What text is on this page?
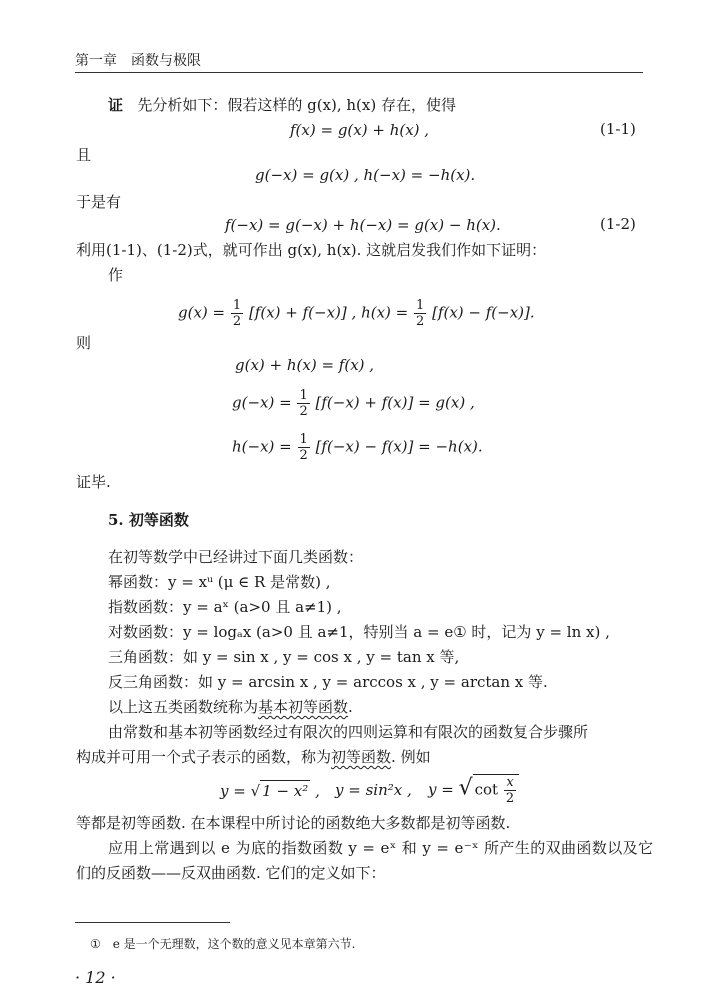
第一章　函数与极限
证 先分析如下：假若这样的 g(x), h(x) 存在，使得
f(x) = g(x) + h(x) ,	(1-1)
且
g(−x) = g(x) , h(−x) = −h(x).
于是有
f(−x) = g(−x) + h(−x) = g(x) − h(x).	(1-2)
利用(1-1)、(1-2)式，就可作出 g(x), h(x). 这就启发我们作如下证明：
作
$g(x) = \frac{1}{2} [f(x) + f(-x)]$ , $h(x) = \frac{1}{2} [f(x) - f(-x)]$.
则
g(x) + h(x) = f(x) ,
$g(-x) = \frac{1}{2} [f(-x) + f(x)] = g(x)$ ,
$h(-x) = \frac{1}{2} [f(-x) - f(x)] = -h(x)$.
证毕.
5. 初等函数
在初等数学中已经讲过下面几类函数：
幂函数：y = xᵘ (μ ∈ R 是常数) ,
指数函数：y = aˣ (a>0 且 a≠1) ,
对数函数：y = logₐx (a>0 且 a≠1，特别当 a = e① 时，记为 y = ln x) ,
三角函数：如 y = sin x , y = cos x , y = tan x 等,
反三角函数：如 y = arcsin x , y = arccos x , y = arctan x 等.
以上这五类函数统称为基本初等函数.
由常数和基本初等函数经过有限次的四则运算和有限次的函数复合步骤所
构成并可用一个式子表示的函数，称为初等函数. 例如
y = √ 1 − x² , y = sin²x , y = √ $\cot \frac{x}{2}$
等都是初等函数. 在本课程中所讨论的函数绝大多数都是初等函数.
应用上常遇到以 e 为底的指数函数 y = eˣ 和 y = e⁻ˣ 所产生的双曲函数以及它
们的反函数——反双曲函数. 它们的定义如下：
①　e 是一个无理数，这个数的意义见本章第六节.
· 12 ·
